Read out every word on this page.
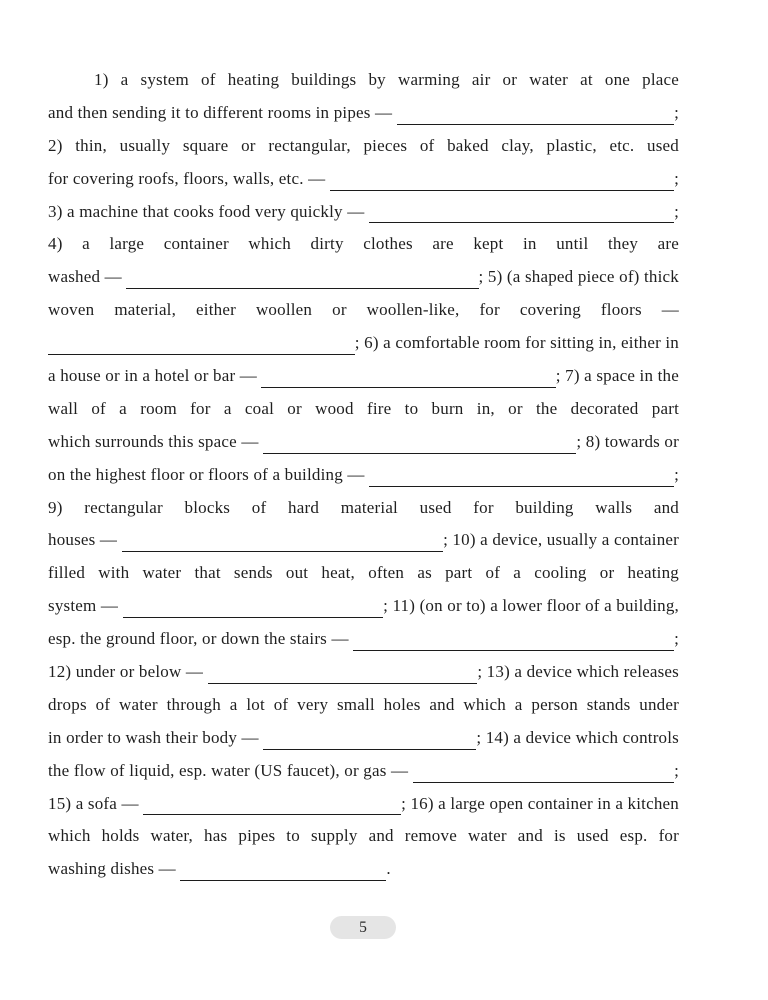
1) a system of heating buildings by warming air or water at one place
and then sending it to different rooms in pipes —	;
2) thin, usually square or rectangular, pieces of baked clay, plastic, etc. used
for covering roofs, floors, walls, etc. —	;
3) a machine that cooks food very quickly —	;
4) a large container which dirty clothes are kept in until they are
washed —	; 5) (a shaped piece of) thick
woven material, either woollen or woollen-like, for covering floors —
; 6) a comfortable room for sitting in, either in
a house or in a hotel or bar —	; 7) a space in the
wall of a room for a coal or wood fire to burn in, or the decorated part
which surrounds this space —	; 8) towards or
on the highest floor or floors of a building —	;
9) rectangular blocks of hard material used for building walls and
houses —	; 10) a device, usually a container
filled with water that sends out heat, often as part of a cooling or heating
system —	; 11) (on or to) a lower floor of a building,
esp. the ground floor, or down the stairs —	;
12) under or below —	; 13) a device which releases
drops of water through a lot of very small holes and which a person stands under
in order to wash their body —	; 14) a device which controls
the flow of liquid, esp. water (US faucet), or gas —	;
15) a sofa —	; 16) a large open container in a kitchen
which holds water, has pipes to supply and remove water and is used esp. for
washing dishes —	.
5
